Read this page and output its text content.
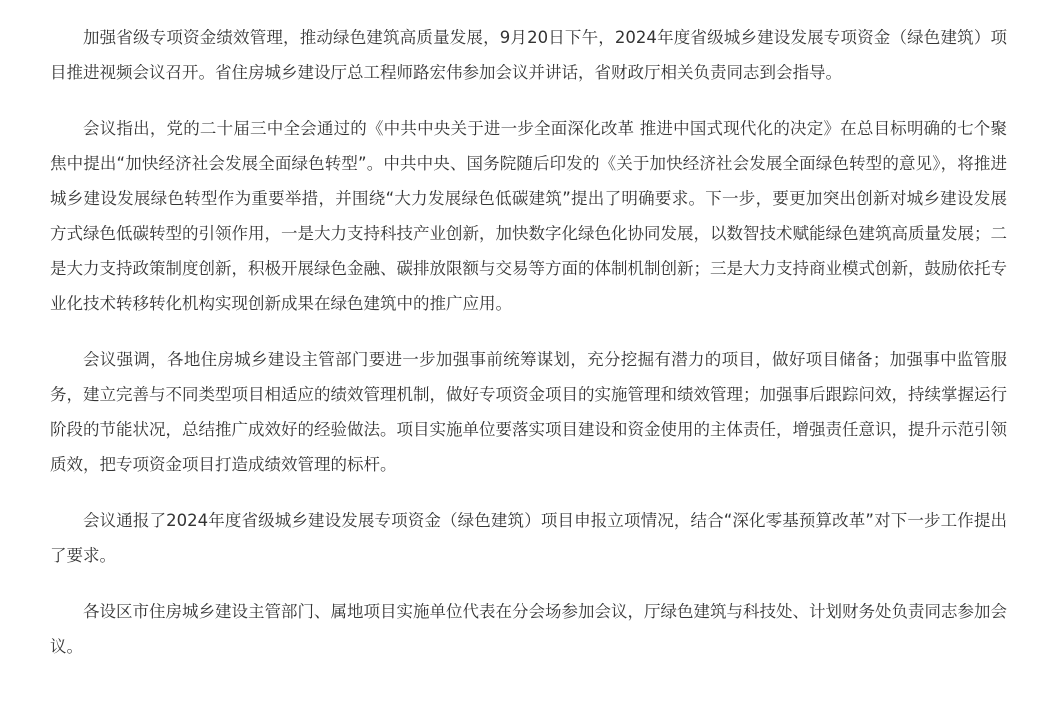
加强省级专项资金绩效管理，推动绿色建筑高质量发展，9月20日下午，2024年度省级城乡建设发展专项资金（绿色建筑）项目推进视频会议召开。省住房城乡建设厅总工程师路宏伟参加会议并讲话，省财政厅相关负责同志到会指导。

会议指出，党的二十届三中全会通过的《中共中央关于进一步全面深化改革 推进中国式现代化的决定》在总目标明确的七个聚焦中提出“加快经济社会发展全面绿色转型”。中共中央、国务院随后印发的《关于加快经济社会发展全面绿色转型的意见》，将推进城乡建设发展绿色转型作为重要举措，并围绕“大力发展绿色低碳建筑”提出了明确要求。下一步，要更加突出创新对城乡建设发展方式绿色低碳转型的引领作用，一是大力支持科技产业创新，加快数字化绿色化协同发展，以数智技术赋能绿色建筑高质量发展；二是大力支持政策制度创新，积极开展绿色金融、碳排放限额与交易等方面的体制机制创新；三是大力支持商业模式创新，鼓励依托专业化技术转移转化机构实现创新成果在绿色建筑中的推广应用。

会议强调，各地住房城乡建设主管部门要进一步加强事前统筹谋划，充分挖掘有潜力的项目，做好项目储备；加强事中监管服务，建立完善与不同类型项目相适应的绩效管理机制，做好专项资金项目的实施管理和绩效管理；加强事后跟踪问效，持续掌握运行阶段的节能状况，总结推广成效好的经验做法。项目实施单位要落实项目建设和资金使用的主体责任，增强责任意识，提升示范引领质效，把专项资金项目打造成绩效管理的标杆。

会议通报了2024年度省级城乡建设发展专项资金（绿色建筑）项目申报立项情况，结合“深化零基预算改革”对下一步工作提出了要求。

各设区市住房城乡建设主管部门、属地项目实施单位代表在分会场参加会议，厅绿色建筑与科技处、计划财务处负责同志参加会议。
